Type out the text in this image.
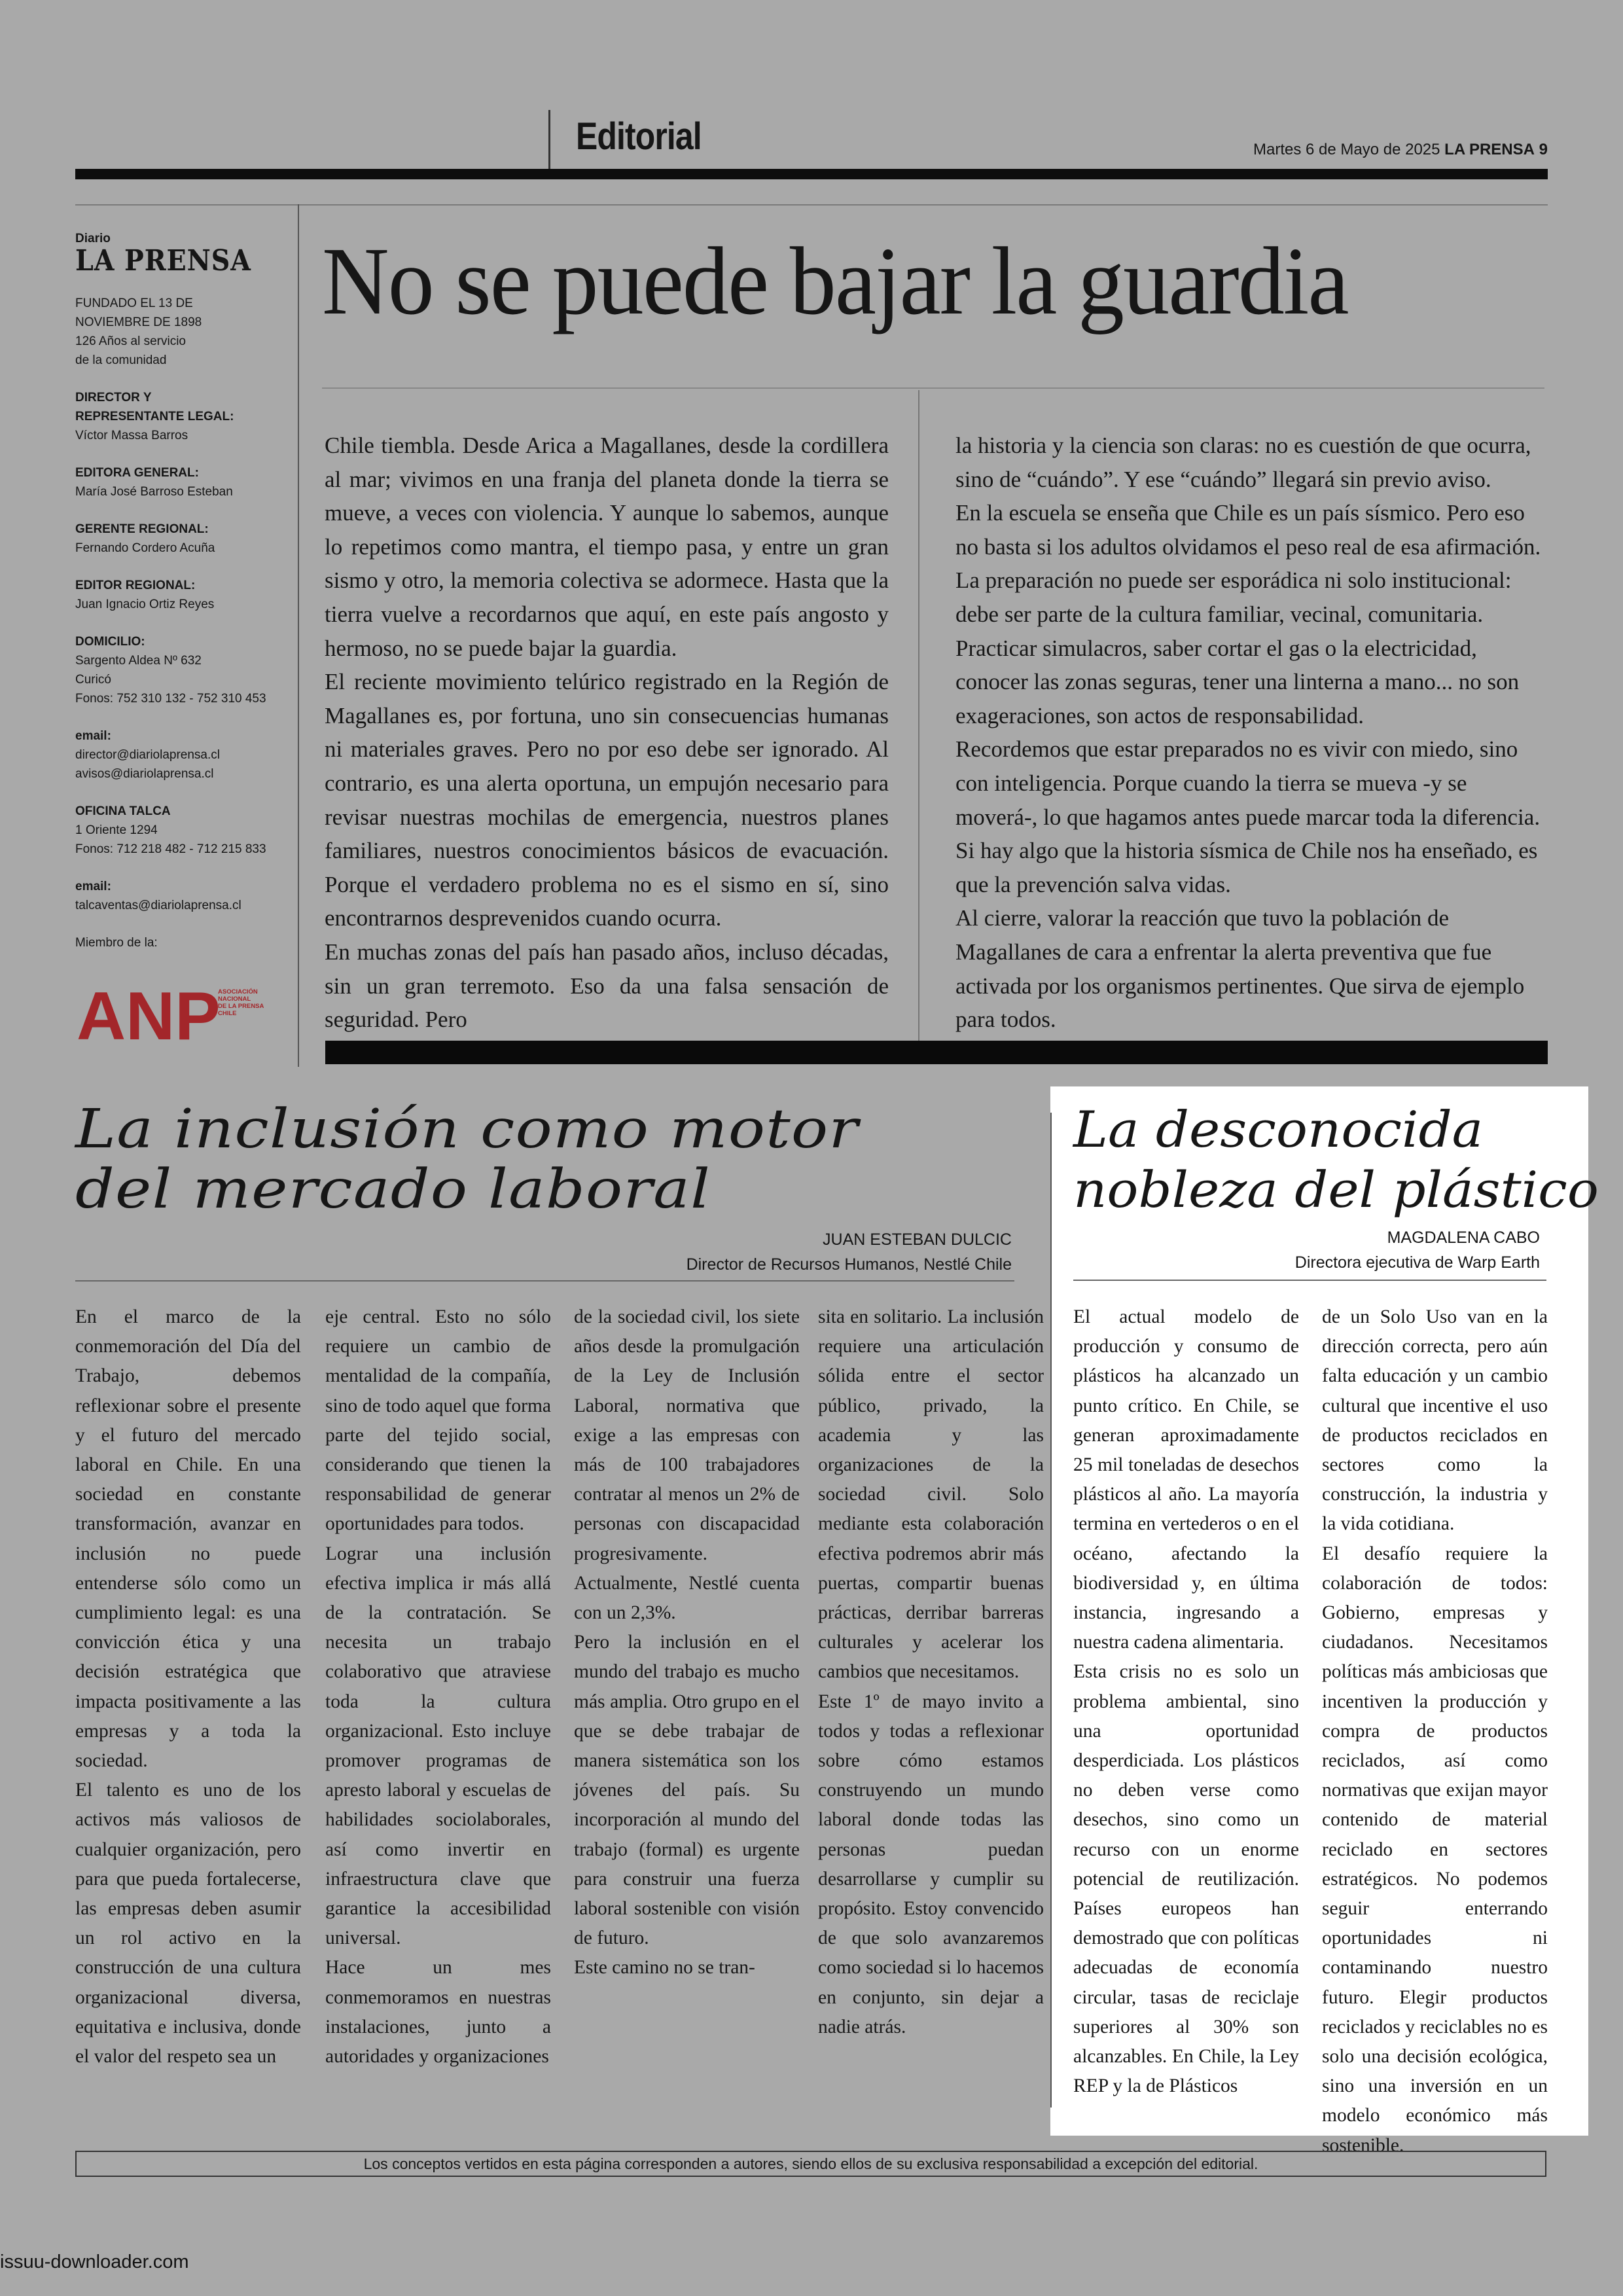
Editorial	Martes 6 de Mayo de 2025 LA PRENSA 9
Diario
LA PRENSA
FUNDADO EL 13 DE
NOVIEMBRE DE 1898
126 Años al servicio
de la comunidad
DIRECTOR Y
REPRESENTANTE LEGAL:
Víctor Massa Barros
EDITORA GENERAL:
María José Barroso Esteban
GERENTE REGIONAL:
Fernando Cordero Acuña
EDITOR REGIONAL:
Juan Ignacio Ortiz Reyes
DOMICILIO:
Sargento Aldea Nº 632
Curicó
Fonos: 752 310 132 - 752 310 453
email:
director@diariolaprensa.cl
avisos@diariolaprensa.cl
OFICINA TALCA
1 Oriente 1294
Fonos: 712 218 482 - 712 215 833
email:
talcaventas@diariolaprensa.cl
Miembro de la:
ANP
ASOCIACIÓN
NACIONAL
DE LA PRENSA
CHILE
No se puede bajar la guardia

Chile tiembla. Desde Arica a Magallanes, desde la cordillera al mar; vivimos en una franja del planeta donde la tierra se mueve, a veces con violencia. Y aunque lo sabemos, aunque lo repetimos como mantra, el tiempo pasa, y entre un gran sismo y otro, la memoria colectiva se adormece. Hasta que la tierra vuelve a recordarnos que aquí, en este país angosto y hermoso, no se puede bajar la guardia.

El reciente movimiento telúrico registrado en la Región de Magallanes es, por fortuna, uno sin consecuencias humanas ni materiales graves. Pero no por eso debe ser ignorado. Al contrario, es una alerta oportuna, un empujón necesario para revisar nuestras mochilas de emergencia, nuestros planes familiares, nuestros conocimientos básicos de evacuación. Porque el verdadero problema no es el sismo en sí, sino encontrarnos desprevenidos cuando ocurra.

En muchas zonas del país han pasado años, incluso décadas, sin un gran terremoto. Eso da una falsa sensación de seguridad. Pero

la historia y la ciencia son claras: no es cuestión de que ocurra, sino de “cuándo”. Y ese “cuándo” llegará sin previo aviso.

En la escuela se enseña que Chile es un país sísmico. Pero eso no basta si los adultos olvidamos el peso real de esa afirmación. La preparación no puede ser esporádica ni solo institucional: debe ser parte de la cultura familiar, vecinal, comunitaria. Practicar simulacros, saber cortar el gas o la electricidad, conocer las zonas seguras, tener una linterna a mano... no son exageraciones, son actos de responsabilidad.

Recordemos que estar preparados no es vivir con miedo, sino con inteligencia. Porque cuando la tierra se mueva -y se moverá-, lo que hagamos antes puede marcar toda la diferencia. Si hay algo que la historia sísmica de Chile nos ha enseñado, es que la prevención salva vidas.

Al cierre, valorar la reacción que tuvo la población de Magallanes de cara a enfrentar la alerta preventiva que fue activada por los organismos pertinentes. Que sirva de ejemplo para todos.

La inclusión como motor
del mercado laboral
JUAN ESTEBAN DULCIC
Director de Recursos Humanos, Nestlé Chile

En el marco de la conmemoración del Día del Trabajo, debemos reflexionar sobre el presente y el futuro del mercado laboral en Chile. En una sociedad en constante transformación, avanzar en inclusión no puede entenderse sólo como un cumplimiento legal: es una convicción ética y una decisión estratégica que impacta positivamente a las empresas y a toda la sociedad.

El talento es uno de los activos más valiosos de cualquier organización, pero para que pueda fortalecerse, las empresas deben asumir un rol activo en la construcción de una cultura organizacional diversa, equitativa e inclusiva, donde el valor del respeto sea un

eje central. Esto no sólo requiere un cambio de mentalidad de la compañía, sino de todo aquel que forma parte del tejido social, considerando que tienen la responsabilidad de generar oportunidades para todos.

Lograr una inclusión efectiva implica ir más allá de la contratación. Se necesita un trabajo colaborativo que atraviese toda la cultura organizacional. Esto incluye promover programas de apresto laboral y escuelas de habilidades sociolaborales, así como invertir en infraestructura clave que garantice la accesibilidad universal.

Hace un mes conmemoramos en nuestras instalaciones, junto a autoridades y organizaciones

de la sociedad civil, los siete años desde la promulgación de la Ley de Inclusión Laboral, normativa que exige a las empresas con más de 100 trabajadores contratar al menos un 2% de personas con discapacidad progresivamente. Actualmente, Nestlé cuenta con un 2,3%.

Pero la inclusión en el mundo del trabajo es mucho más amplia. Otro grupo en el que se debe trabajar de manera sistemática son los jóvenes del país. Su incorporación al mundo del trabajo (formal) es urgente para construir una fuerza laboral sostenible con visión de futuro.

Este camino no se tran-

sita en solitario. La inclusión requiere una articulación sólida entre el sector público, privado, la academia y las organizaciones de la sociedad civil. Solo mediante esta colaboración efectiva podremos abrir más puertas, compartir buenas prácticas, derribar barreras culturales y acelerar los cambios que necesitamos.

Este 1º de mayo invito a todos y todas a reflexionar sobre cómo estamos construyendo un mundo laboral donde todas las personas puedan desarrollarse y cumplir su propósito. Estoy convencido de que solo avanzaremos como sociedad si lo hacemos en conjunto, sin dejar a nadie atrás.

La desconocida
nobleza del plástico
MAGDALENA CABO
Directora ejecutiva de Warp Earth

El actual modelo de producción y consumo de plásticos ha alcanzado un punto crítico. En Chile, se generan aproximadamente 25 mil toneladas de desechos plásticos al año. La mayoría termina en vertederos o en el océano, afectando la biodiversidad y, en última instancia, ingresando a nuestra cadena alimentaria.

Esta crisis no es solo un problema ambiental, sino una oportunidad desperdiciada. Los plásticos no deben verse como desechos, sino como un recurso con un enorme potencial de reutilización. Países europeos han demostrado que con políticas adecuadas de economía circular, tasas de reciclaje superiores al 30% son alcanzables. En Chile, la Ley REP y la de Plásticos

de un Solo Uso van en la dirección correcta, pero aún falta educación y un cambio cultural que incentive el uso de productos reciclados en sectores como la construcción, la industria y la vida cotidiana.

El desafío requiere la colaboración de todos: Gobierno, empresas y ciudadanos. Necesitamos políticas más ambiciosas que incentiven la producción y compra de productos reciclados, así como normativas que exijan mayor contenido de material reciclado en sectores estratégicos. No podemos seguir enterrando oportunidades ni contaminando nuestro futuro. Elegir productos reciclados y reciclables no es solo una decisión ecológica, sino una inversión en un modelo económico más sostenible.

Los conceptos vertidos en esta página corresponden a autores, siendo ellos de su exclusiva responsabilidad a excepción del editorial.
issuu-downloader.com
